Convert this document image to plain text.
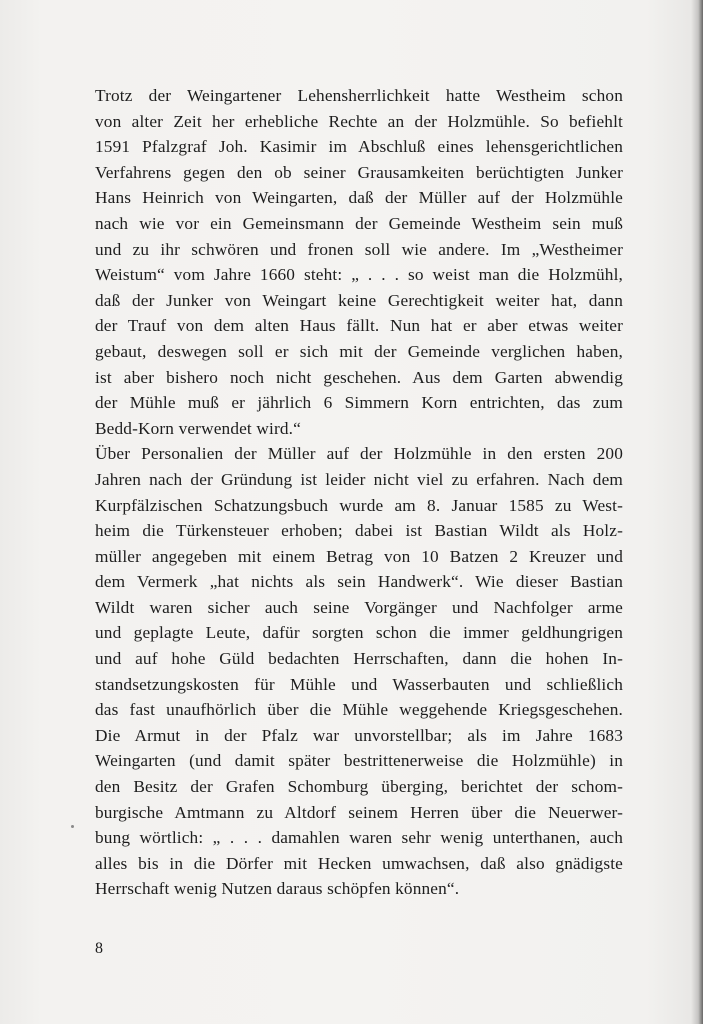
Trotz der Weingartener Lehensherrlichkeit hatte Westheim schon
von alter Zeit her erhebliche Rechte an der Holzmühle. So befiehlt
1591 Pfalzgraf Joh. Kasimir im Abschluß eines lehensgerichtlichen
Verfahrens gegen den ob seiner Grausamkeiten berüchtigten Junker
Hans Heinrich von Weingarten, daß der Müller auf der Holzmühle
nach wie vor ein Gemeinsmann der Gemeinde Westheim sein muß
und zu ihr schwören und fronen soll wie andere. Im „Westheimer
Weistum“ vom Jahre 1660 steht: „ . . . so weist man die Holzmühl,
daß der Junker von Weingart keine Gerechtigkeit weiter hat, dann
der Trauf von dem alten Haus fällt. Nun hat er aber etwas weiter
gebaut, deswegen soll er sich mit der Gemeinde verglichen haben,
ist aber bishero noch nicht geschehen. Aus dem Garten abwendig
der Mühle muß er jährlich 6 Simmern Korn entrichten, das zum
Bedd-Korn verwendet wird.“
Über Personalien der Müller auf der Holzmühle in den ersten 200
Jahren nach der Gründung ist leider nicht viel zu erfahren. Nach dem
Kurpfälzischen Schatzungsbuch wurde am 8. Januar 1585 zu West-
heim die Türkensteuer erhoben; dabei ist Bastian Wildt als Holz-
müller angegeben mit einem Betrag von 10 Batzen 2 Kreuzer und
dem Vermerk „hat nichts als sein Handwerk“. Wie dieser Bastian
Wildt waren sicher auch seine Vorgänger und Nachfolger arme
und geplagte Leute, dafür sorgten schon die immer geldhungrigen
und auf hohe Güld bedachten Herrschaften, dann die hohen In-
standsetzungskosten für Mühle und Wasserbauten und schließlich
das fast unaufhörlich über die Mühle weggehende Kriegsgeschehen.
Die Armut in der Pfalz war unvorstellbar; als im Jahre 1683
Weingarten (und damit später bestrittenerweise die Holzmühle) in
den Besitz der Grafen Schomburg überging, berichtet der schom-
burgische Amtmann zu Altdorf seinem Herren über die Neuerwer-
bung wörtlich: „ . . . damahlen waren sehr wenig unterthanen, auch
alles bis in die Dörfer mit Hecken umwachsen, daß also gnädigste
Herrschaft wenig Nutzen daraus schöpfen können“.
8
